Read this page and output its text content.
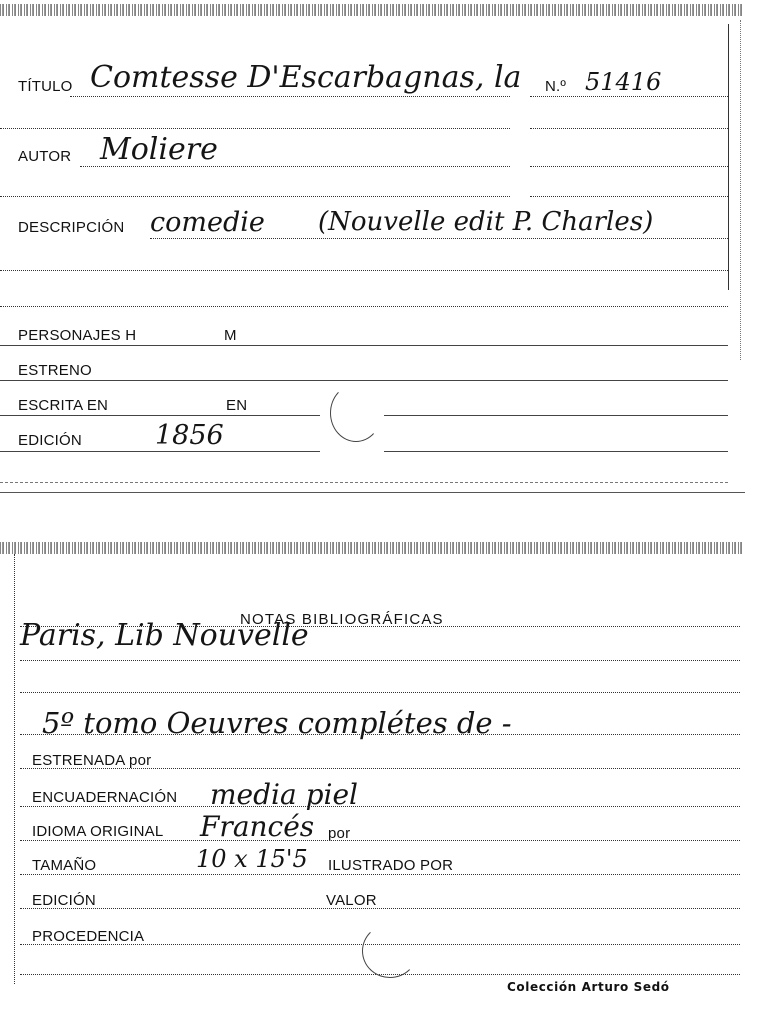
TÍTULO Comtesse D'Escarbagnas, la N.º 51416
AUTOR Moliere
DESCRIPCIÓN comedie (Nouvelle edit P. Charles)
PERSONAJES H	M
ESTRENO
ESCRITA EN	EN
EDICIÓN	1856
NOTAS BIBLIOGRÁFICAS
Paris, Lib Nouvelle
5º tomo Oeuvres complétes de -
ESTRENADA por
ENCUADERNACIÓN media piel
IDIOMA ORIGINAL Francés por
TAMAÑO	10 x 15'5 ILUSTRADO POR
EDICIÓN	VALOR
PROCEDENCIA
Colección Arturo Sedó
